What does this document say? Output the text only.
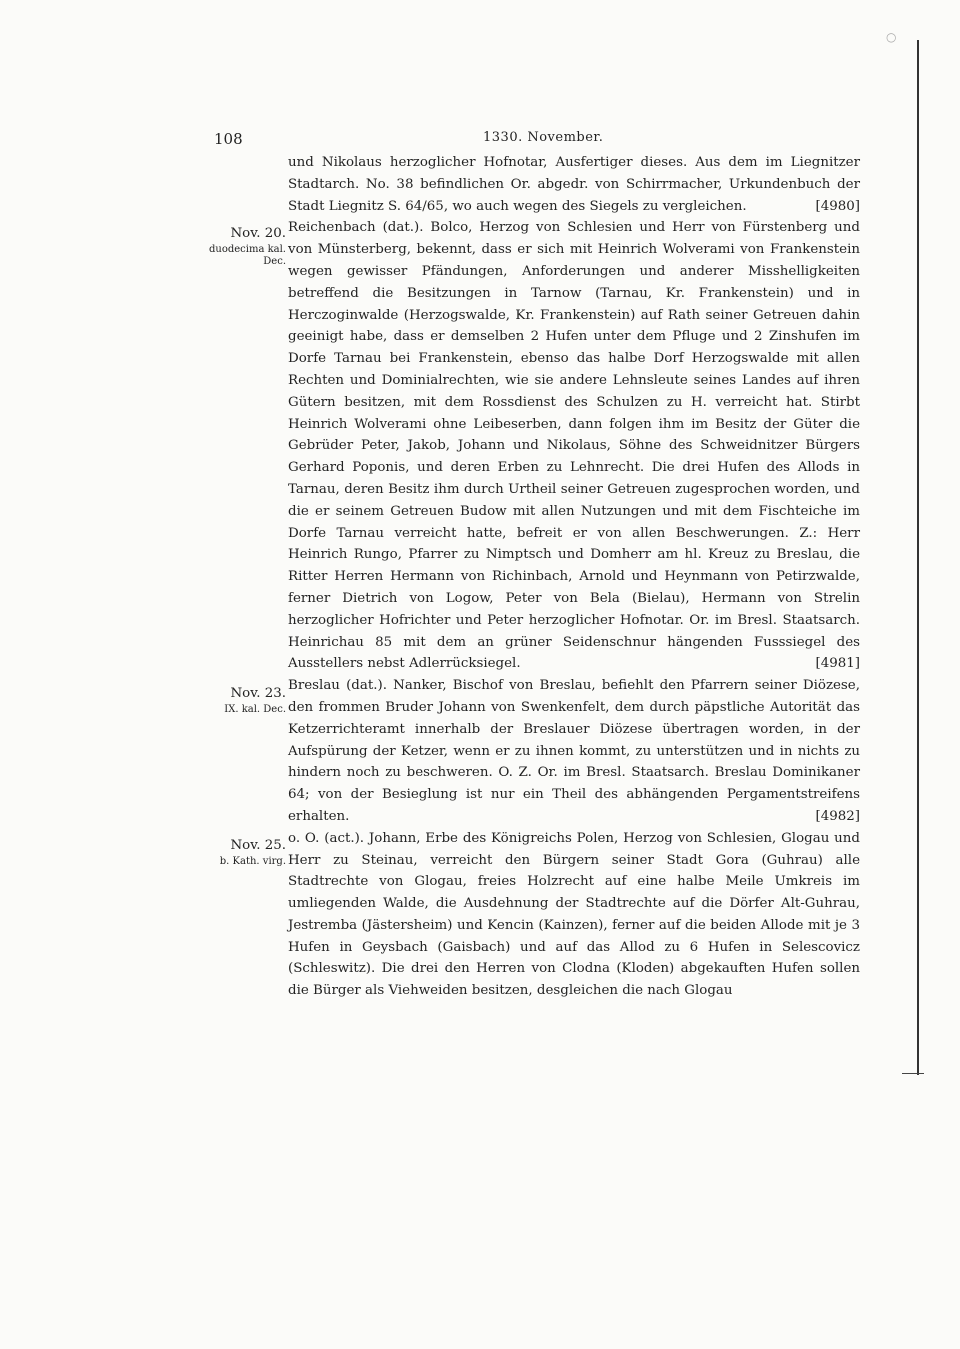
108	1330. November.
Nov. 20.
duodecima kal. Dec.
Nov. 23.
IX. kal. Dec.
Nov. 25.
b. Kath. virg.

und Nikolaus herzoglicher Hofnotar, Ausfertiger dieses. Aus dem im Liegnitzer Stadtarch. No. 38 befindlichen Or. abgedr. von Schirrmacher, Urkundenbuch der Stadt Liegnitz S. 64/65, wo auch wegen des Siegels zu vergleichen.	[4980]

Reichenbach (dat.). Bolco, Herzog von Schlesien und Herr von Fürstenberg und von Münsterberg, bekennt, dass er sich mit Heinrich Wolverami von Frankenstein wegen gewisser Pfändungen, Anforderungen und anderer Misshelligkeiten betreffend die Besitzungen in Tarnow (Tarnau, Kr. Frankenstein) und in Herczoginwalde (Herzogswalde, Kr. Frankenstein) auf Rath seiner Getreuen dahin geeinigt habe, dass er demselben 2 Hufen unter dem Pfluge und 2 Zinshufen im Dorfe Tarnau bei Frankenstein, ebenso das halbe Dorf Herzogswalde mit allen Rechten und Dominialrechten, wie sie andere Lehnsleute seines Landes auf ihren Gütern besitzen, mit dem Rossdienst des Schulzen zu H. verreicht hat. Stirbt Heinrich Wolverami ohne Leibeserben, dann folgen ihm im Besitz der Güter die Gebrüder Peter, Jakob, Johann und Nikolaus, Söhne des Schweidnitzer Bürgers Gerhard Poponis, und deren Erben zu Lehnrecht. Die drei Hufen des Allods in Tarnau, deren Besitz ihm durch Urtheil seiner Getreuen zugesprochen worden, und die er seinem Getreuen Budow mit allen Nutzungen und mit dem Fischteiche im Dorfe Tarnau verreicht hatte, befreit er von allen Beschwerungen. Z.: Herr Heinrich Rungo, Pfarrer zu Nimptsch und Domherr am hl. Kreuz zu Breslau, die Ritter Herren Hermann von Richinbach, Arnold und Heynmann von Petirzwalde, ferner Dietrich von Logow, Peter von Bela (Bielau), Hermann von Strelin herzoglicher Hofrichter und Peter herzoglicher Hofnotar. Or. im Bresl. Staatsarch. Heinrichau 85 mit dem an grüner Seidenschnur hängenden Fusssiegel des Ausstellers nebst Adlerrücksiegel.	[4981]

Breslau (dat.). Nanker, Bischof von Breslau, befiehlt den Pfarrern seiner Diözese, den frommen Bruder Johann von Swenkenfelt, dem durch päpstliche Autorität das Ketzerrichteramt innerhalb der Breslauer Diözese übertragen worden, in der Aufspürung der Ketzer, wenn er zu ihnen kommt, zu unterstützen und in nichts zu hindern noch zu beschweren. O. Z. Or. im Bresl. Staatsarch. Breslau Dominikaner 64; von der Besieglung ist nur ein Theil des abhängenden Pergamentstreifens erhalten.	[4982]

o. O. (act.). Johann, Erbe des Königreichs Polen, Herzog von Schlesien, Glogau und Herr zu Steinau, verreicht den Bürgern seiner Stadt Gora (Guhrau) alle Stadtrechte von Glogau, freies Holzrecht auf eine halbe Meile Umkreis im umliegenden Walde, die Ausdehnung der Stadtrechte auf die Dörfer Alt-Guhrau, Jestremba (Jästersheim) und Kencin (Kainzen), ferner auf die beiden Allode mit je 3 Hufen in Geysbach (Gaisbach) und auf das Allod zu 6 Hufen in Selescovicz (Schleswitz). Die drei den Herren von Clodna (Kloden) abgekauften Hufen sollen die Bürger als Viehweiden besitzen, desgleichen die nach Glogau

○
